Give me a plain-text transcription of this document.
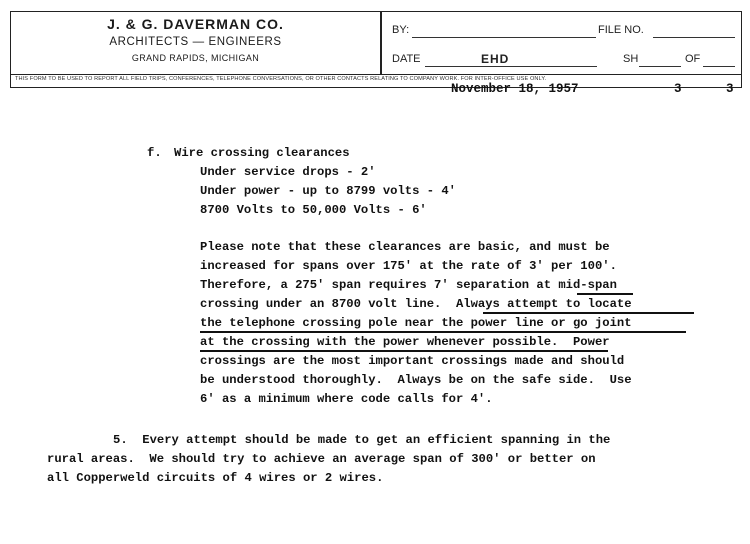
J. & G. DAVERMAN CO.
ARCHITECTS — ENGINEERS
GRAND RAPIDS, MICHIGAN
BY:	FILE NO.
DATE	EHD	SH	OF
THIS FORM TO BE USED TO REPORT ALL FIELD TRIPS, CONFERENCES, TELEPHONE CONVERSATIONS, OR OTHER CONTACTS RELATING TO COMPANY WORK. FOR INTER-OFFICE USE ONLY.
November 18, 1957	3	3
f. Wire crossing clearances
Under service drops - 2'
Under power - up to 8799 volts - 4'
8700 Volts to 50,000 Volts - 6'
Please note that these clearances are basic, and must be
increased for spans over 175' at the rate of 3' per 100'.
Therefore, a 275' span requires 7' separation at mid-span
crossing under an 8700 volt line.  Always attempt to locate
the telephone crossing pole near the power line or go joint
at the crossing with the power whenever possible.  Power
crossings are the most important crossings made and should
be understood thoroughly.  Always be on the safe side.  Use
6' as a minimum where code calls for 4'.
5.  Every attempt should be made to get an efficient spanning in the
rural areas.  We should try to achieve an average span of 300' or better on
all Copperweld circuits of 4 wires or 2 wires.
